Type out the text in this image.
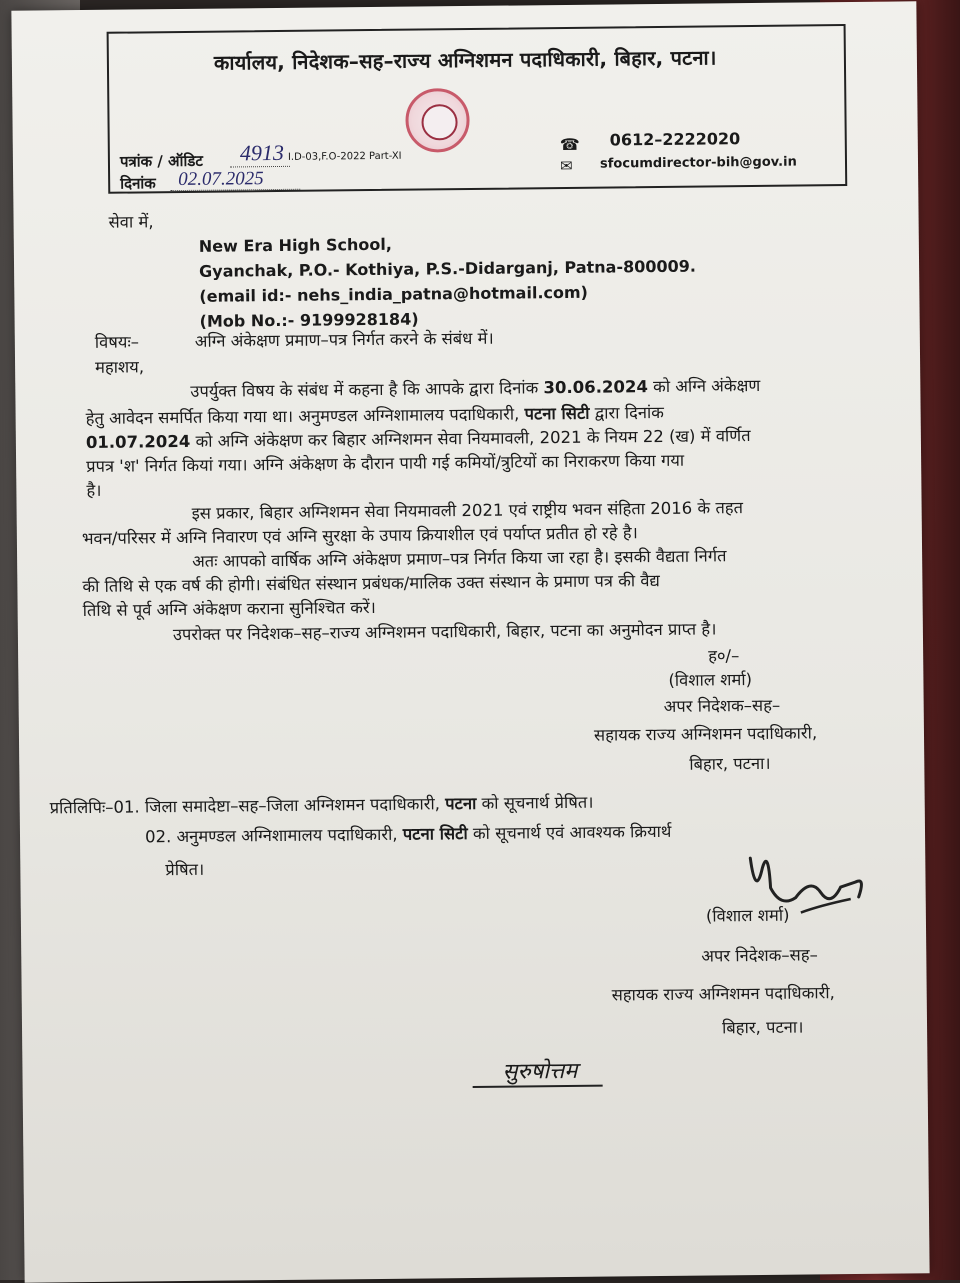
कार्यालय, निदेशक–सह–राज्य अग्निशमन पदाधिकारी, बिहार, पटना।
पत्रांक / ऑडिट 4913 I.D-03,F.O-2022 Part-XI
दिनांक 02.07.2025
☎ 0612–2222020
✉ sfocumdirector-bih@gov.in
सेवा में,
New Era High School,
Gyanchak, P.O.- Kothiya, P.S.-Didarganj, Patna-800009.
(email id:- nehs_india_patna@hotmail.com)
(Mob No.:- 9199928184)
विषयः–	अग्नि अंकेक्षण प्रमाण–पत्र निर्गत करने के संबंध में।
महाशय,
उपर्युक्त विषय के संबंध में कहना है कि आपके द्वारा दिनांक 30.06.2024 को अग्नि अंकेक्षण
हेतु आवेदन समर्पित किया गया था। अनुमण्डल अग्निशामालय पदाधिकारी, पटना सिटी द्वारा दिनांक
01.07.2024 को अग्नि अंकेक्षण कर बिहार अग्निशमन सेवा नियमावली, 2021 के नियम 22 (ख) में वर्णित
प्रपत्र 'श' निर्गत कियां गया। अग्नि अंकेक्षण के दौरान पायी गई कमियों/त्रुटियों का निराकरण किया गया
है।
इस प्रकार, बिहार अग्निशमन सेवा नियमावली 2021 एवं राष्ट्रीय भवन संहिता 2016 के तहत
भवन/परिसर में अग्नि निवारण एवं अग्नि सुरक्षा के उपाय क्रियाशील एवं पर्याप्त प्रतीत हो रहे है।
अतः आपको वार्षिक अग्नि अंकेक्षण प्रमाण–पत्र निर्गत किया जा रहा है। इसकी वैद्यता निर्गत
की तिथि से एक वर्ष की होगी। संबंधित संस्थान प्रबंधक/मालिक उक्त संस्थान के प्रमाण पत्र की वैद्य
तिथि से पूर्व अग्नि अंकेक्षण कराना सुनिश्चित करें।
उपरोक्त पर निदेशक–सह–राज्य अग्निशमन पदाधिकारी, बिहार, पटना का अनुमोदन प्राप्त है।
ह०/–
(विशाल शर्मा)
अपर निदेशक–सह–
सहायक राज्य अग्निशमन पदाधिकारी,
बिहार, पटना।
प्रतिलिपिः–01. जिला समादेष्टा–सह–जिला अग्निशमन पदाधिकारी, पटना को सूचनार्थ प्रेषित।
02. अनुमण्डल अग्निशामालय पदाधिकारी, पटना सिटी को सूचनार्थ एवं आवश्यक क्रियार्थ
प्रेषित।
(विशाल शर्मा)
अपर निदेशक–सह–
सहायक राज्य अग्निशमन पदाधिकारी,
बिहार, पटना।
सुरुषोत्तम
